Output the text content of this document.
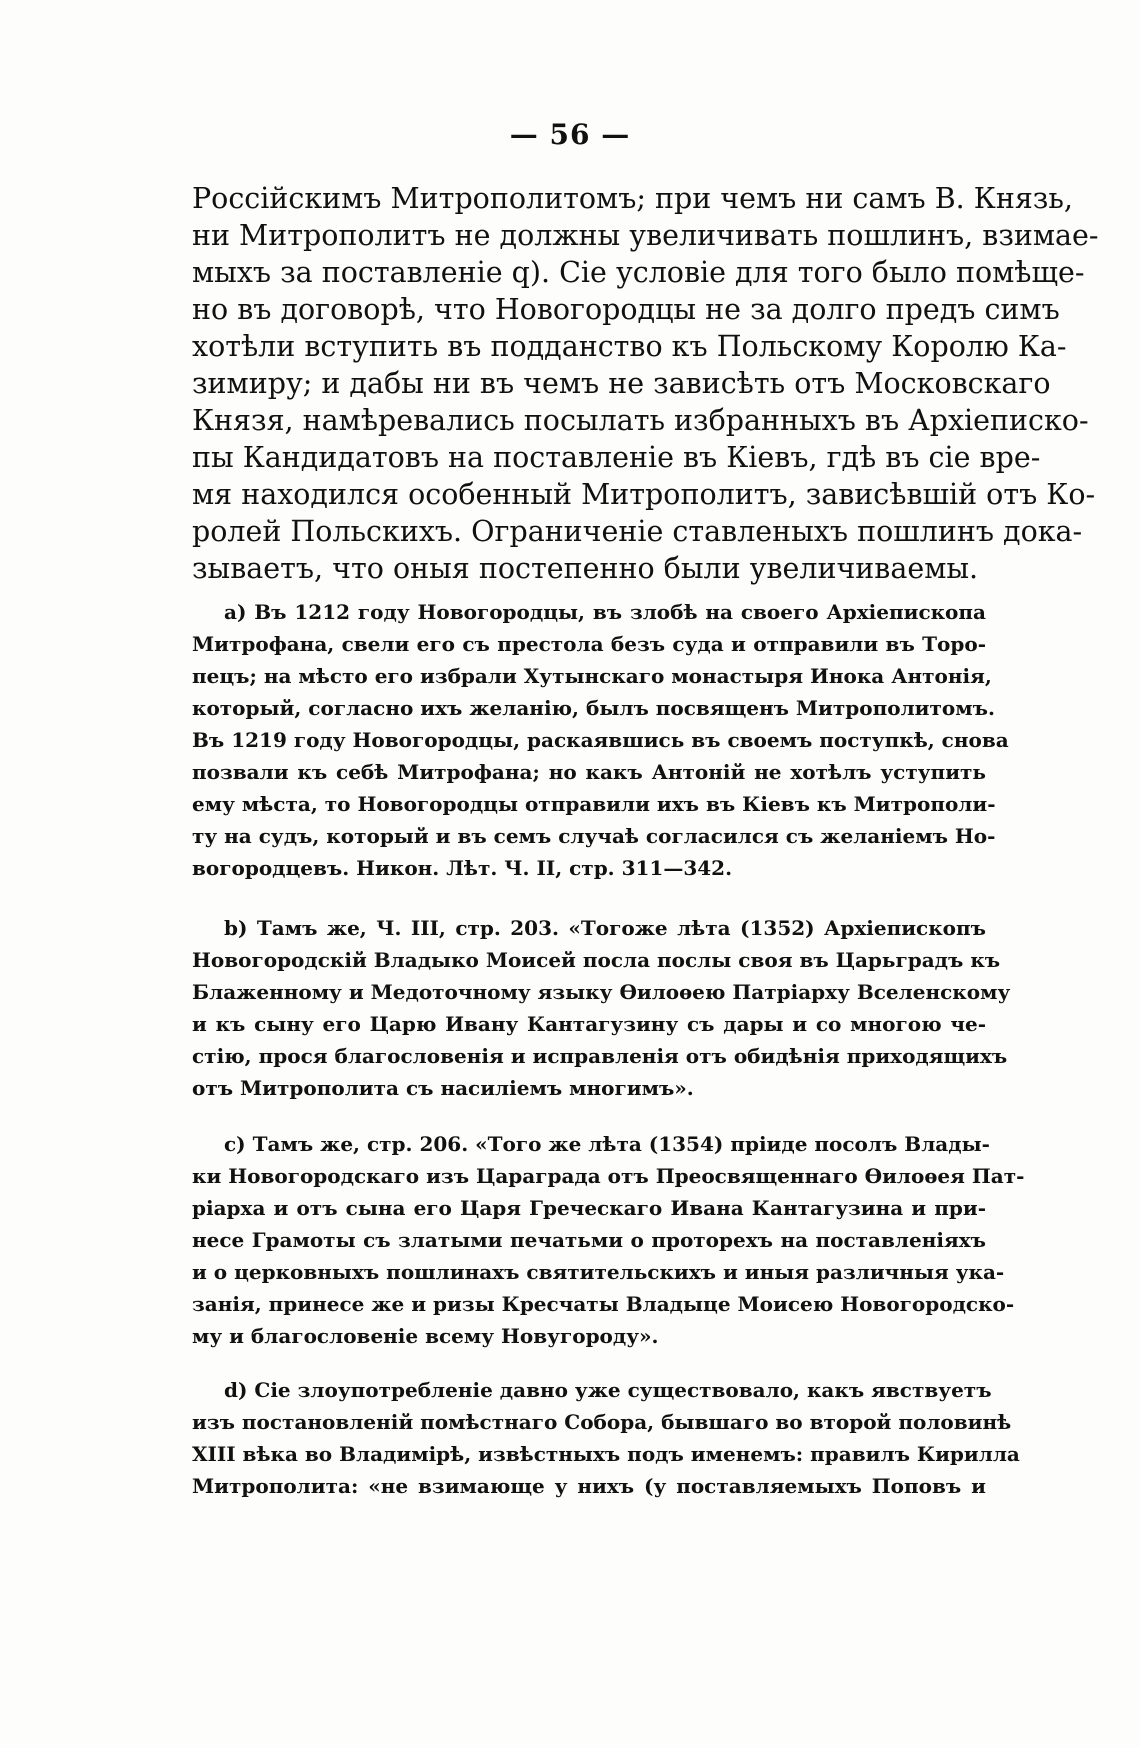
— 56 —
Россійскимъ Митрополитомъ; при чемъ ни самъ В. Князь,
ни Митрополитъ не должны увеличивать пошлинъ, взимае-
мыхъ за поставленіе q). Сіе условіе для того было помѣще-
но въ договорѣ, что Новогородцы не за долго предъ симъ
хотѣли вступить въ подданство къ Польскому Королю Ка-
зимиру; и дабы ни въ чемъ не зависѣть отъ Московскаго
Князя, намѣревались посылать избранныхъ въ Архіеписко-
пы Кандидатовъ на поставленіе въ Кіевъ, гдѣ въ сіе вре-
мя находился особенный Митрополитъ, зависѣвшій отъ Ко-
ролей Польскихъ. Ограниченіе ставленыхъ пошлинъ дока-
зываетъ, что оныя постепенно были увеличиваемы.
a) Въ 1212 году Новогородцы, въ злобѣ на своего Архіепископа
Митрофана, свели его съ престола безъ суда и отправили въ Торо-
пецъ; на мѣсто его избрали Хутынскаго монастыря Инока Антонія,
который, согласно ихъ желанію, былъ посвященъ Митрополитомъ.
Въ 1219 году Новогородцы, раскаявшись въ своемъ поступкѣ, снова
позвали къ себѣ Митрофана; но какъ Антоній не хотѣлъ уступить
ему мѣста, то Новогородцы отправили ихъ въ Кіевъ къ Митрополи-
ту на судъ, который и въ семъ случаѣ согласился съ желаніемъ Но-
вогородцевъ. Никон. Лѣт. Ч. II, стр. 311—342.
b) Тамъ же, Ч. III, стр. 203. «Тогоже лѣта (1352) Архіепископъ
Новогородскій Владыко Моисей посла послы своя въ Царьградъ къ
Блаженному и Медоточному языку Ѳилоѳею Патріарху Вселенскому
и къ сыну его Царю Ивану Кантагузину съ дары и со многою че-
стію, прося благословенія и исправленія отъ обидѣнія приходящихъ
отъ Митрополита съ насиліемъ многимъ».
c) Тамъ же, стр. 206. «Того же лѣта (1354) пріиде посолъ Влады-
ки Новогородскаго изъ Цараграда отъ Преосвященнаго Ѳилоѳея Пат-
ріарха и отъ сына его Царя Греческаго Ивана Кантагузина и при-
несе Грамоты съ златыми печатьми о проторехъ на поставленіяхъ
и о церковныхъ пошлинахъ святительскихъ и иныя различныя ука-
занія, принесе же и ризы Кресчаты Владыце Моисею Новогородско-
му и благословеніе всему Новугороду».
d) Сіе злоупотребленіе давно уже существовало, какъ явствуетъ
изъ постановленій помѣстнаго Собора, бывшаго во второй половинѣ
XIII вѣка во Владимірѣ, извѣстныхъ подъ именемъ: правилъ Кирилла
Митрополита: «не взимающе у нихъ (у поставляемыхъ Поповъ и
